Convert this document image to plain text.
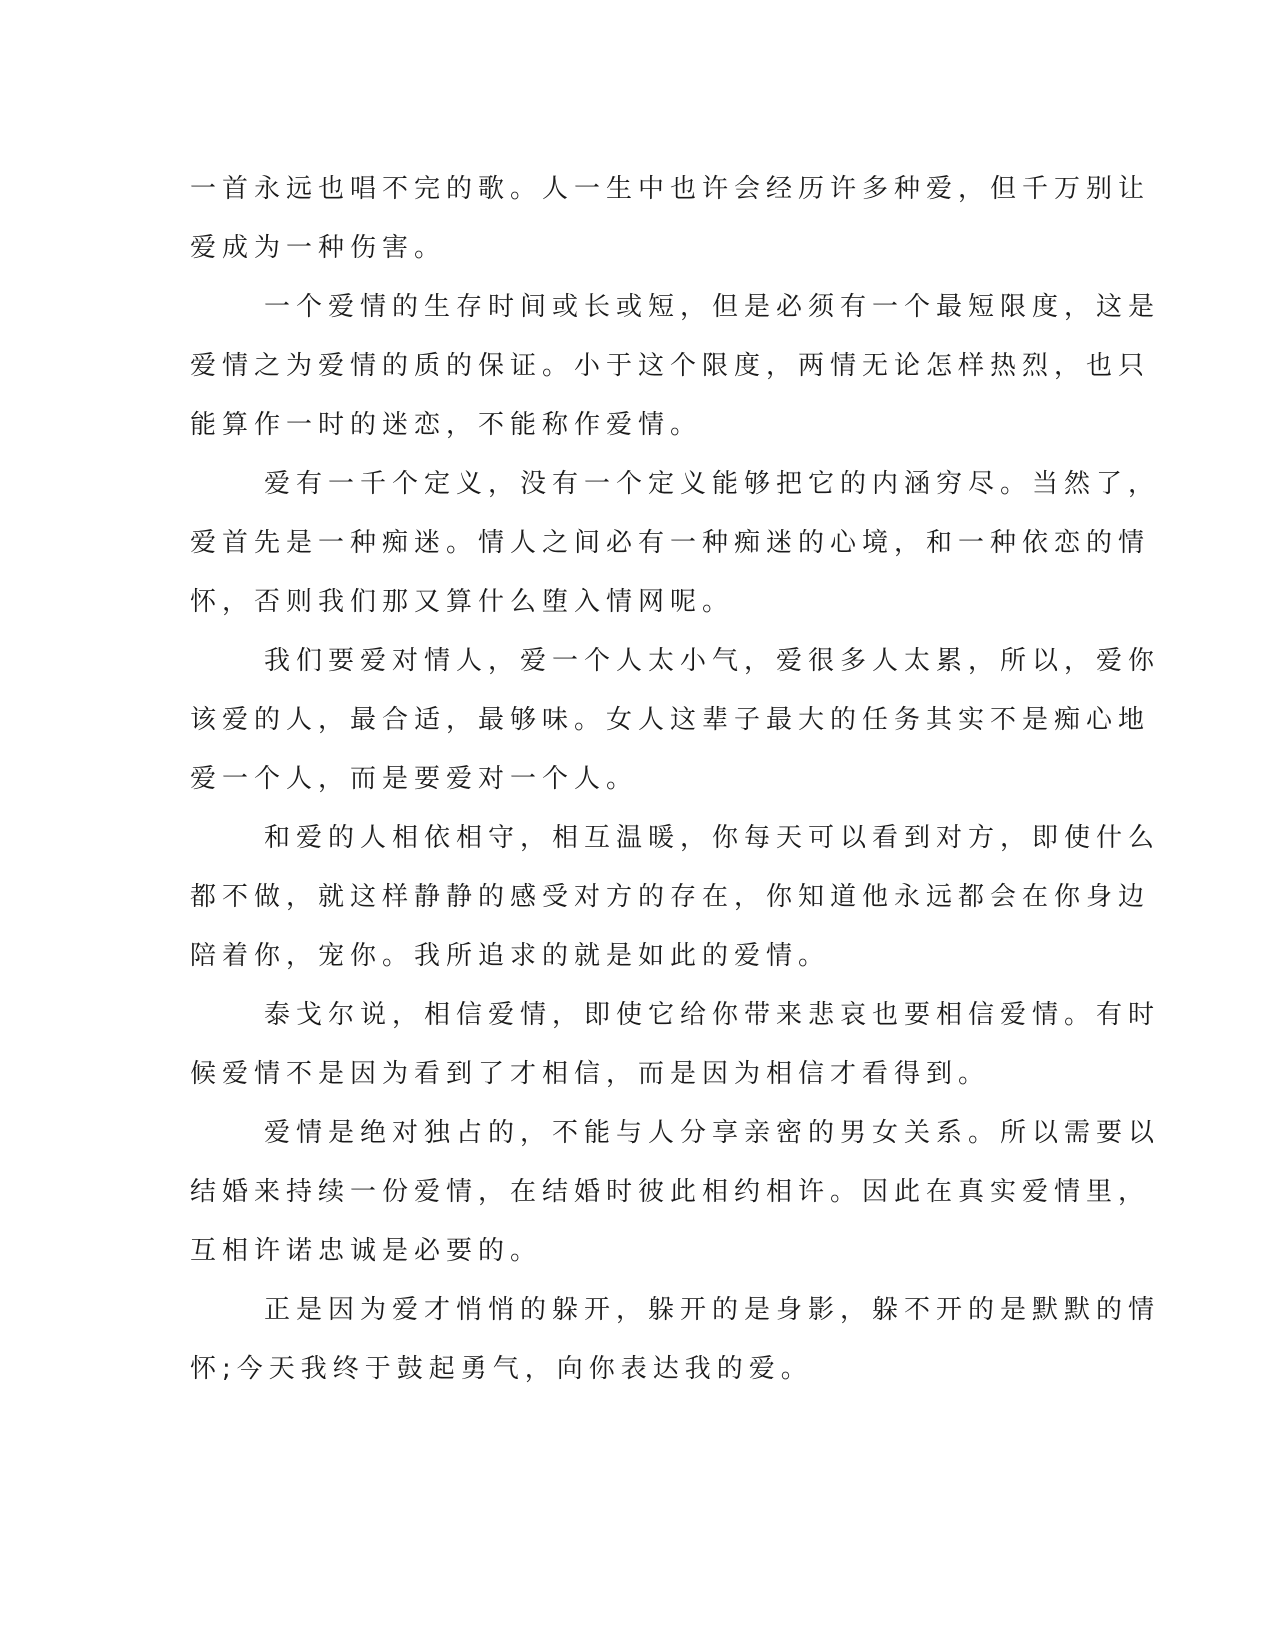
一首永远也唱不完的歌。人一生中也许会经历许多种爱，但千万别让
爱成为一种伤害。
一个爱情的生存时间或长或短，但是必须有一个最短限度，这是
爱情之为爱情的质的保证。小于这个限度，两情无论怎样热烈，也只
能算作一时的迷恋，不能称作爱情。
爱有一千个定义，没有一个定义能够把它的内涵穷尽。当然了，
爱首先是一种痴迷。情人之间必有一种痴迷的心境，和一种依恋的情
怀，否则我们那又算什么堕入情网呢。
我们要爱对情人，爱一个人太小气，爱很多人太累，所以，爱你
该爱的人，最合适，最够味。女人这辈子最大的任务其实不是痴心地
爱一个人，而是要爱对一个人。
和爱的人相依相守，相互温暖，你每天可以看到对方，即使什么
都不做，就这样静静的感受对方的存在，你知道他永远都会在你身边
陪着你，宠你。我所追求的就是如此的爱情。
泰戈尔说，相信爱情，即使它给你带来悲哀也要相信爱情。有时
候爱情不是因为看到了才相信，而是因为相信才看得到。
爱情是绝对独占的，不能与人分享亲密的男女关系。所以需要以
结婚来持续一份爱情，在结婚时彼此相约相许。因此在真实爱情里，
互相许诺忠诚是必要的。
正是因为爱才悄悄的躲开，躲开的是身影，躲不开的是默默的情
怀;今天我终于鼓起勇气，向你表达我的爱。
